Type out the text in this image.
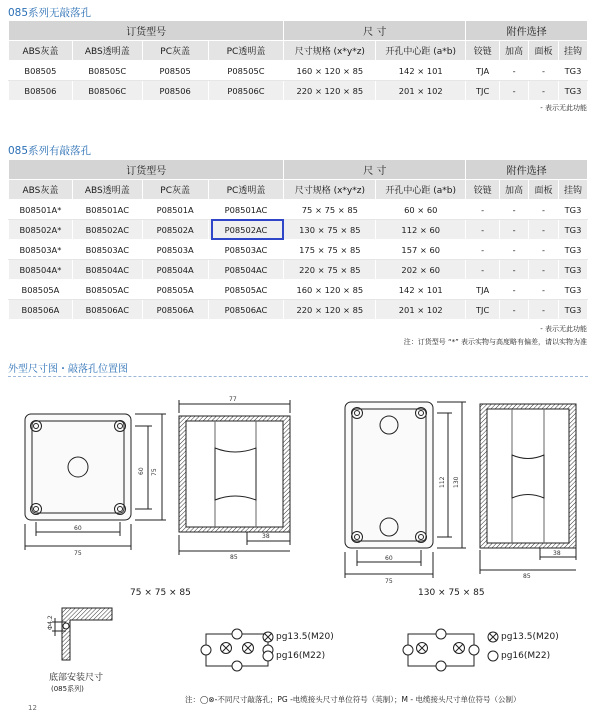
085系列无敲落孔
订货型号				尺 寸		附件选择			
ABS灰盖	ABS透明盖	PC灰盖	PC透明盖	尺寸规格 (x*y*z)	开孔中心距 (a*b)	铰链	加高	面板	挂钩
B08505	B08505C	P08505	P08505C	160 × 120 × 85	142 × 101	TJA	-	-	TG3
B08506	B08506C	P08506	P08506C	220 × 120 × 85	201 × 102	TJC	-	-	TG3
- 表示无此功能
085系列有敲落孔
订货型号				尺 寸		附件选择			
ABS灰盖	ABS透明盖	PC灰盖	PC透明盖	尺寸规格 (x*y*z)	开孔中心距 (a*b)	铰链	加高	面板	挂钩
B08501A*	B08501AC	P08501A	P08501AC	75 × 75 × 85	60 × 60	-	-	-	TG3
B08502A*	B08502AC	P08502A	P08502AC	130 × 75 × 85	112 × 60	-	-	-	TG3
B08503A*	B08503AC	P08503A	P08503AC	175 × 75 × 85	157 × 60	-	-	-	TG3
B08504A*	B08504AC	P08504A	P08504AC	220 × 75 × 85	202 × 60	-	-	-	TG3
B08505A	B08505AC	P08505A	P08505AC	160 × 120 × 85	142 × 101	TJA	-	-	TG3
B08506A	B08506AC	P08506A	P08506AC	220 × 120 × 85	201 × 102	TJC	-	-	TG3
- 表示无此功能
注：订货型号 “*” 表示实物与高度略有偏差，请以实物为准
外型尺寸图・敲落孔位置图
60
75
60 75
77
38
85	60
75
112 130
38
85
Ф4.2
75 × 75 × 85	130 × 75 × 85
底部安装尺寸
(085系列)
pg13.5(M20)
pg16(M22)
pg13.5(M20)
pg16(M22)
注：◯⊗-不同尺寸敲落孔；PG -电缆接头尺寸单位符号（英制）；M - 电缆接头尺寸单位符号（公制）
12
